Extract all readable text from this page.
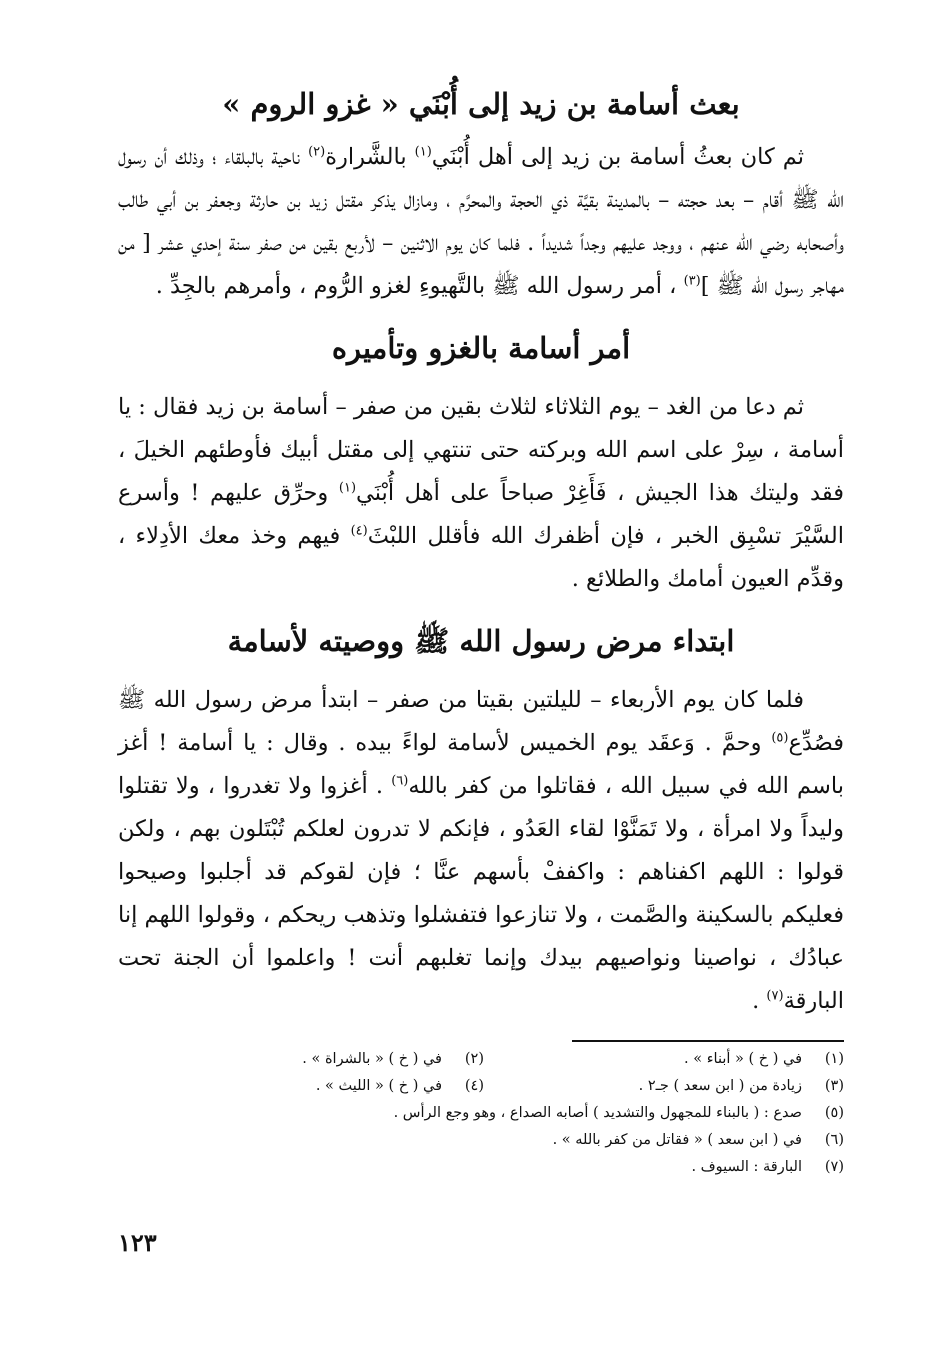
بعث أسامة بن زيد إلى أُبْنَي « غزو الروم »

ثم كان بعثُ أسامة بن زيد إلى أهل أُبْنَي$^{(١)}$ بالشَّرارة$^{(٢)}$ ناحية بالبلقاء ؛ وذلك أن رسول الله ﷺ أقام – بعد حجته – بالمدينة بقيَّة ذي الحجة والمحرَّم ، ومازال يذكر مقتل زيد بن حارثة وجعفر بن أبي طالب وأصحابه رضي الله عنهم ، ووجد عليهم وجداً شديداً . فلما كان يوم الاثنين – لأربع بقين من صفر سنة إحدي عشر [ من مهاجر رسول الله ﷺ ]$^{(٣)}$ ، أمر رسول الله ﷺ بالتَّهيوءِ لغزو الرُّوم ، وأمرهم بالجِدِّ .

أمر أسامة بالغزو وتأميره

ثم دعا من الغد – يوم الثلاثاء لثلاث بقين من صفر – أسامة بن زيد فقال : يا أسامة ، سِرْ على اسم الله وبركته حتى تنتهي إلى مقتل أبيك فأوطئهم الخيلَ ، فقد وليتك هذا الجيش ، فَأَغِرْ صباحاً على أهل أُبْنَي$^{(١)}$ وحرِّق عليهم ! وأسرع السَّيْرَ تسْبِق الخبر ، فإن أظفرك الله فأقلل اللبْثَ$^{(٤)}$ فيهم وخذ معك الأدِلاء ، وقدِّم العيون أمامك والطلائع .

ابتداء مرض رسول الله ﷺ ووصيته لأسامة

فلما كان يوم الأربعاء – لليلتين بقيتا من صفر – ابتدأ مرض رسول الله ﷺ فصُدِّع$^{(٥)}$ وحمَّ . وَعقَد يوم الخميس لأسامة لواءً بيده . وقال : يا أسامة ! أغز باسم الله في سبيل الله ، فقاتلوا من كفر بالله$^{(٦)}$ . أغزوا ولا تغدروا ، ولا تقتلوا وليداً ولا امرأة ، ولا تَمَنَّوْا لقاء العَدُو ، فإنكم لا تدرون لعلكم تُبْتَلون بهم ، ولكن قولوا : اللهم اكفناهم : واكففْ بأسهم عنَّا ؛ فإن لقوكم قد أجلبوا وصيحوا فعليكم بالسكينة والصَّمت ، ولا تنازعوا فتفشلوا وتذهب ريحكم ، وقولوا اللهم إنا عبادُك ، نواصينا ونواصيهم بيدك وإنما تغلبهم أنت ! واعلموا أن الجنة تحت البارقة$^{(٧)}$ .

(١)
في ( خ ) « أبناء » .
(٢)
في ( خ ) « بالشراة » .
(٣)
زيادة من ( ابن سعد ) جـ٢ .
(٤)
في ( خ ) « الليث » .
(٥)
صدع : ( بالبناء للمجهول والتشديد ) أصابه الصداع ، وهو وجع الرأس .
(٦)
في ( ابن سعد ) « فقاتل من كفر بالله » .
(٧)
البارقة : السيوف .
١٢٣
